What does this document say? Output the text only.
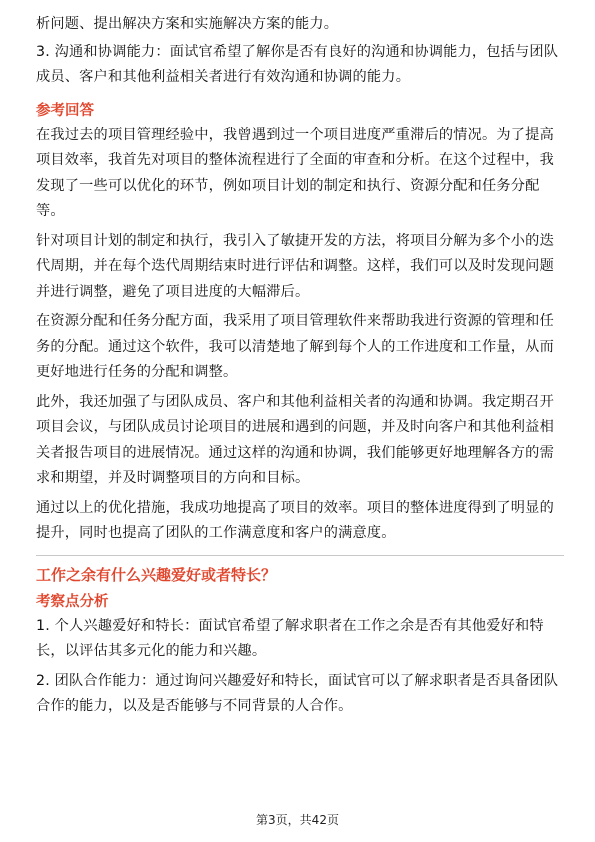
析问题、提出解决方案和实施解决方案的能力。

3. 沟通和协调能力：面试官希望了解你是否有良好的沟通和协调能力，包括与团队成员、客户和其他利益相关者进行有效沟通和协调的能力。

参考回答

在我过去的项目管理经验中，我曾遇到过一个项目进度严重滞后的情况。为了提高项目效率，我首先对项目的整体流程进行了全面的审查和分析。在这个过程中，我发现了一些可以优化的环节，例如项目计划的制定和执行、资源分配和任务分配等。

针对项目计划的制定和执行，我引入了敏捷开发的方法，将项目分解为多个小的迭代周期，并在每个迭代周期结束时进行评估和调整。这样，我们可以及时发现问题并进行调整，避免了项目进度的大幅滞后。

在资源分配和任务分配方面，我采用了项目管理软件来帮助我进行资源的管理和任务的分配。通过这个软件，我可以清楚地了解到每个人的工作进度和工作量，从而更好地进行任务的分配和调整。

此外，我还加强了与团队成员、客户和其他利益相关者的沟通和协调。我定期召开项目会议，与团队成员讨论项目的进展和遇到的问题，并及时向客户和其他利益相关者报告项目的进展情况。通过这样的沟通和协调，我们能够更好地理解各方的需求和期望，并及时调整项目的方向和目标。

通过以上的优化措施，我成功地提高了项目的效率。项目的整体进度得到了明显的提升，同时也提高了团队的工作满意度和客户的满意度。

工作之余有什么兴趣爱好或者特长？
考察点分析

1. 个人兴趣爱好和特长：面试官希望了解求职者在工作之余是否有其他爱好和特长，以评估其多元化的能力和兴趣。

2. 团队合作能力：通过询问兴趣爱好和特长，面试官可以了解求职者是否具备团队合作的能力，以及是否能够与不同背景的人合作。

第3页，共42页
